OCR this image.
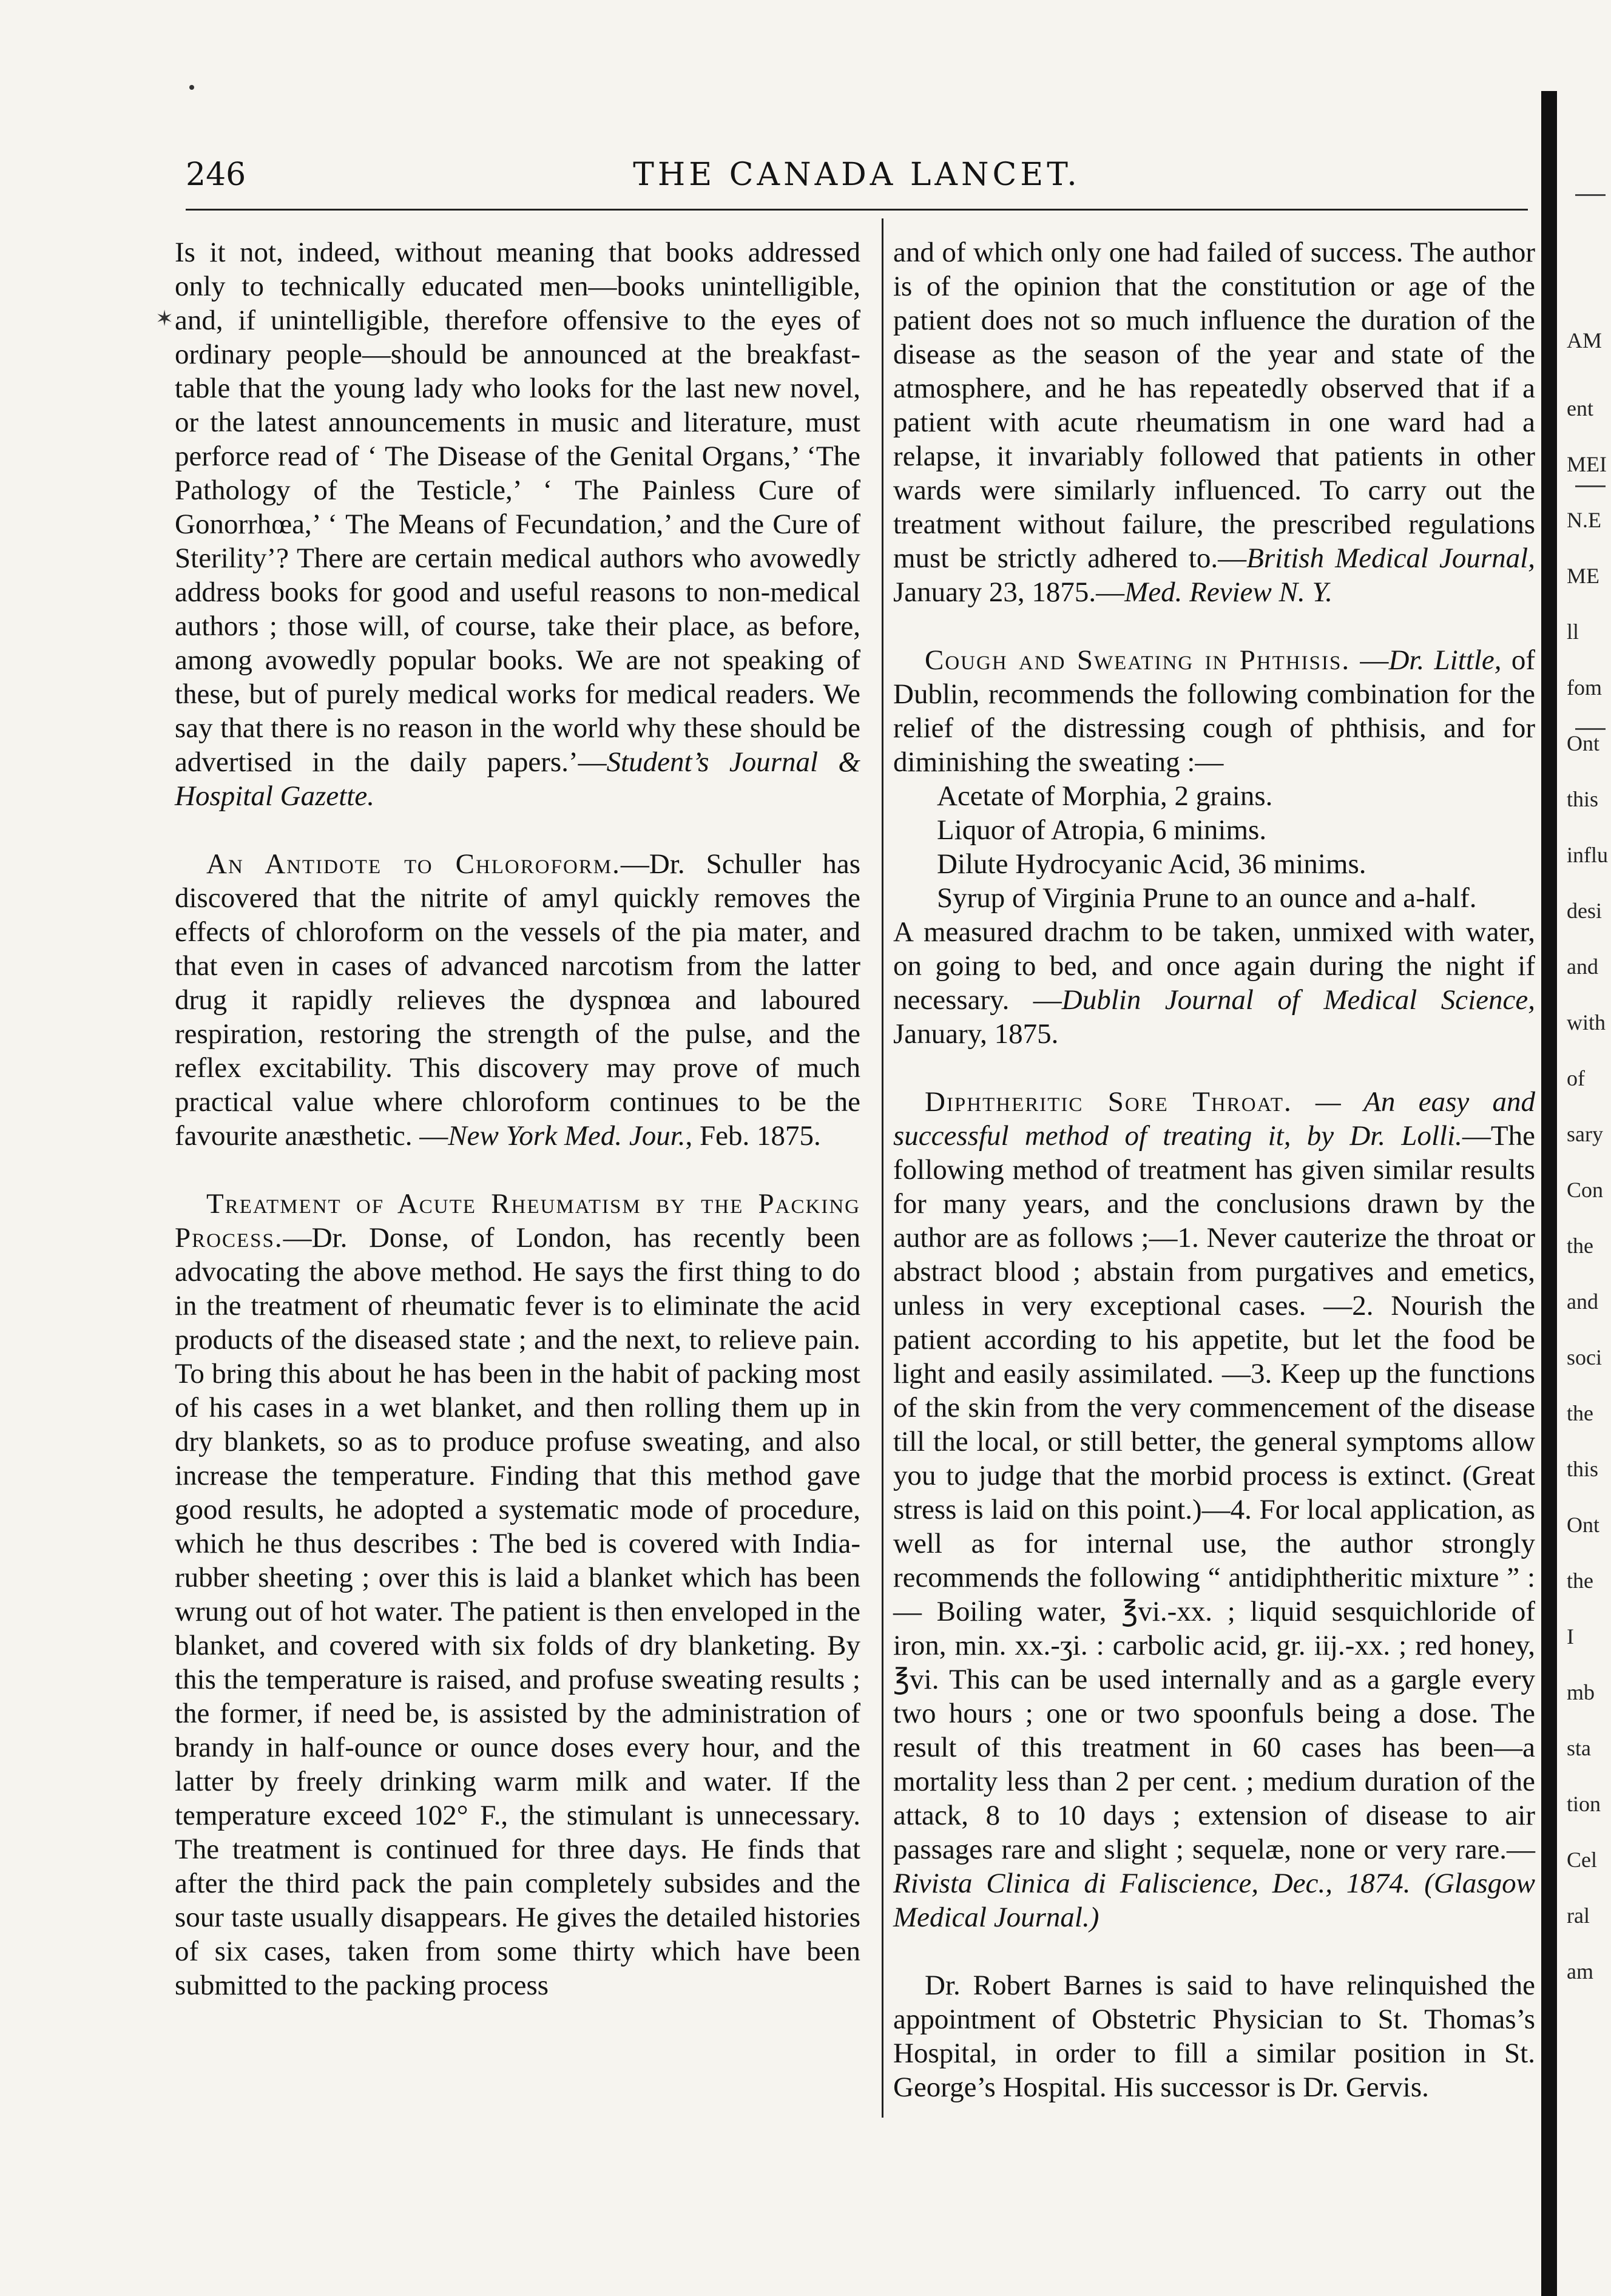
✶
246	THE CANADA LANCET.

Is it not, indeed, without meaning that books addressed only to technically educated men—books unintelligible, and, if unintelligible, therefore offensive to the eyes of ordinary people—should be announced at the breakfast-table that the young lady who looks for the last new novel, or the latest announcements in music and literature, must perforce read of ‘ The Disease of the Genital Organs,’ ‘The Pathology of the Testicle,’ ‘ The Painless Cure of Gonorrhœa,’ ‘ The Means of Fecundation,’ and the Cure of Sterility’? There are certain medical authors who avowedly address books for good and useful reasons to non-medical authors ; those will, of course, take their place, as before, among avowedly popular books. We are not speaking of these, but of purely medical works for medical readers. We say that there is no reason in the world why these should be advertised in the daily papers.’—Student’s Journal & Hospital Gazette.

An Antidote to Chloroform.—Dr. Schuller has discovered that the nitrite of amyl quickly removes the effects of chloroform on the vessels of the pia mater, and that even in cases of advanced narcotism from the latter drug it rapidly relieves the dyspnœa and laboured respiration, restoring the strength of the pulse, and the reflex excitability. This discovery may prove of much practical value where chloroform continues to be the favourite anæsthetic. —New York Med. Jour., Feb. 1875.

Treatment of Acute Rheumatism by the Packing Process.—Dr. Donse, of London, has recently been advocating the above method. He says the first thing to do in the treatment of rheumatic fever is to eliminate the acid products of the diseased state ; and the next, to relieve pain. To bring this about he has been in the habit of packing most of his cases in a wet blanket, and then rolling them up in dry blankets, so as to produce profuse sweating, and also increase the temperature. Finding that this method gave good results, he adopted a systematic mode of procedure, which he thus describes : The bed is covered with India-rubber sheeting ; over this is laid a blanket which has been wrung out of hot water. The patient is then enveloped in the blanket, and covered with six folds of dry blanketing. By this the temperature is raised, and profuse sweating results ; the former, if need be, is assisted by the administration of brandy in half-ounce or ounce doses every hour, and the latter by freely drinking warm milk and water. If the temperature exceed 102° F., the stimulant is unnecessary. The treatment is continued for three days. He finds that after the third pack the pain completely subsides and the sour taste usually disappears. He gives the detailed histories of six cases, taken from some thirty which have been submitted to the packing process

and of which only one had failed of success. The author is of the opinion that the constitution or age of the patient does not so much influence the duration of the disease as the season of the year and state of the atmosphere, and he has repeatedly observed that if a patient with acute rheumatism in one ward had a relapse, it invariably followed that patients in other wards were similarly influenced. To carry out the treatment without failure, the prescribed regulations must be strictly adhered to.—British Medical Journal, January 23, 1875.—Med. Review N. Y.

Cough and Sweating in Phthisis. —Dr. Little, of Dublin, recommends the following combination for the relief of the distressing cough of phthisis, and for diminishing the sweating :—

Acetate of Morphia, 2 grains.
Liquor of Atropia, 6 minims.
Dilute Hydrocyanic Acid, 36 minims.
Syrup of Virginia Prune to an ounce and a-half.

A measured drachm to be taken, unmixed with water, on going to bed, and once again during the night if necessary. —Dublin Journal of Medical Science, January, 1875.

Diphtheritic Sore Throat. — An easy and successful method of treating it, by Dr. Lolli.—The following method of treatment has given similar results for many years, and the conclusions drawn by the author are as follows ;—1. Never cauterize the throat or abstract blood ; abstain from purgatives and emetics, unless in very exceptional cases. —2. Nourish the patient according to his appetite, but let the food be light and easily assimilated. —3. Keep up the functions of the skin from the very commencement of the disease till the local, or still better, the general symptoms allow you to judge that the morbid process is extinct. (Great stress is laid on this point.)—4. For local application, as well as for internal use, the author strongly recommends the following “ antidiphtheritic mixture ” : — Boiling water, ℥vi.-xx. ; liquid sesquichloride of iron, min. xx.-ʒi. : carbolic acid, gr. iij.-xx. ; red honey, ℥vi. This can be used internally and as a gargle every two hours ; one or two spoonfuls being a dose. The result of this treatment in 60 cases has been—a mortality less than 2 per cent. ; medium duration of the attack, 8 to 10 days ; extension of disease to air passages rare and slight ; sequelæ, none or very rare.—Rivista Clinica di Faliscience, Dec., 1874. (Glasgow Medical Journal.)

Dr. Robert Barnes is said to have relinquished the appointment of Obstetric Physician to St. Thomas’s Hospital, in order to fill a similar position in St. George’s Hospital. His successor is Dr. Gervis.

AM
ent
MEI
N.E
ME
ll
fom
Ont
this
influ
desi
and
with
of
sary
Con
the
and
soci
the
this
Ont
the
I
mb
sta
tion
Cel
ral
am
